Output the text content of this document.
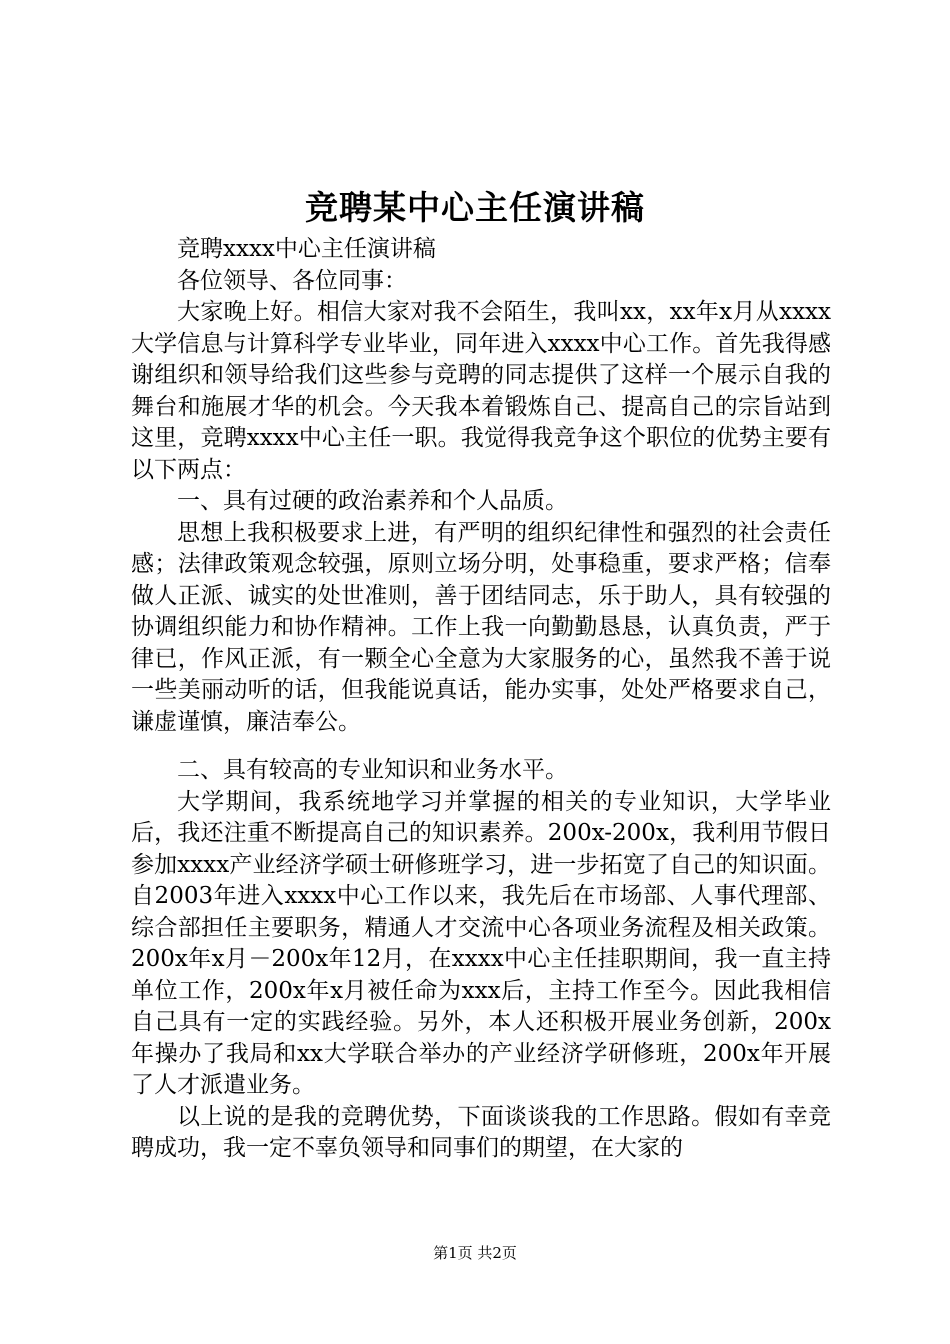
竞聘某中心主任演讲稿

竞聘xxxx中心主任演讲稿

各位领导、各位同事：

大家晚上好。相信大家对我不会陌生，我叫xx，xx年x月从xxxx大学信息与计算科学专业毕业，同年进入xxxx中心工作。首先我得感谢组织和领导给我们这些参与竞聘的同志提供了这样一个展示自我的舞台和施展才华的机会。今天我本着锻炼自己、提高自己的宗旨站到这里，竞聘xxxx中心主任一职。我觉得我竞争这个职位的优势主要有以下两点：

一、具有过硬的政治素养和个人品质。

思想上我积极要求上进，有严明的组织纪律性和强烈的社会责任感；法律政策观念较强，原则立场分明，处事稳重，要求严格；信奉做人正派、诚实的处世准则，善于团结同志，乐于助人，具有较强的协调组织能力和协作精神。工作上我一向勤勤恳恳，认真负责，严于律已，作风正派，有一颗全心全意为大家服务的心，虽然我不善于说一些美丽动听的话，但我能说真话，能办实事，处处严格要求自己，谦虚谨慎，廉洁奉公。

二、具有较高的专业知识和业务水平。

大学期间，我系统地学习并掌握的相关的专业知识，大学毕业后，我还注重不断提高自己的知识素养。200x-200x，我利用节假日参加xxxx产业经济学硕士研修班学习，进一步拓宽了自己的知识面。自2003年进入xxxx中心工作以来，我先后在市场部、人事代理部、综合部担任主要职务，精通人才交流中心各项业务流程及相关政策。200x年x月－200x年12月，在xxxx中心主任挂职期间，我一直主持单位工作，200x年x月被任命为xxx后，主持工作至今。因此我相信自己具有一定的实践经验。另外，本人还积极开展业务创新，200x年操办了我局和xx大学联合举办的产业经济学研修班，200x年开展了人才派遣业务。

以上说的是我的竞聘优势，下面谈谈我的工作思路。假如有幸竞聘成功，我一定不辜负领导和同事们的期望，在大家的

第1页 共2页
